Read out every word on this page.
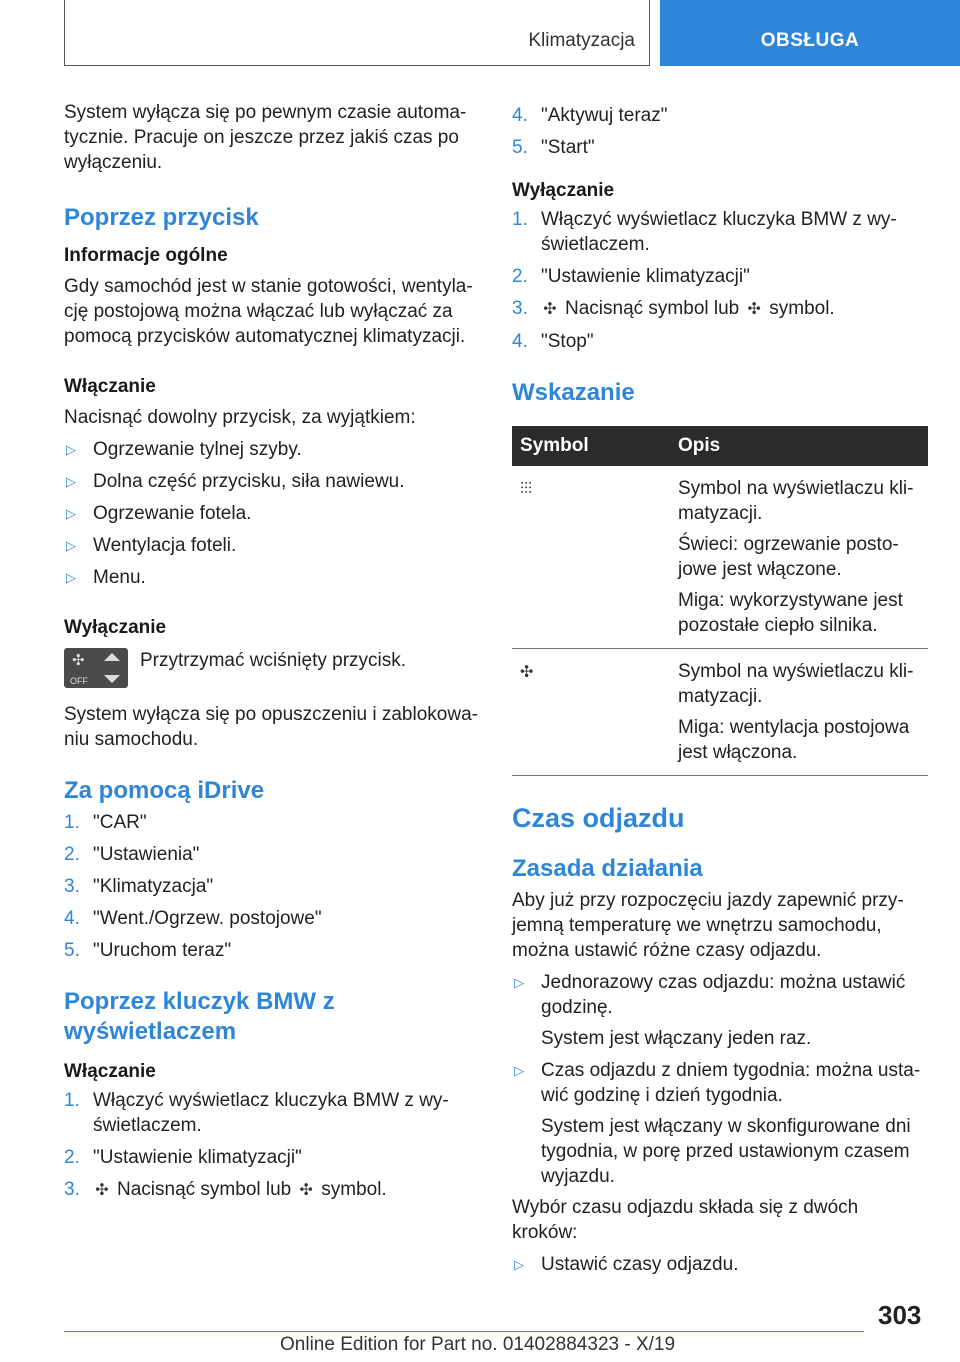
Klimatyzacja	OBSŁUGA

System wyłącza się po pewnym czasie automatycznie. Pracuje on jeszcze przez jakiś czas po wyłączeniu.

Poprzez przycisk
Informacje ogólne

Gdy samochód jest w stanie gotowości, wentylację postojową można włączać lub wyłączać za pomocą przycisków automatycznej klimatyzacji.

Włączanie

Nacisnąć dowolny przycisk, za wyjątkiem:

▷ Ogrzewanie tylnej szyby.
▷ Dolna część przycisku, siła nawiewu.
▷ Ogrzewanie fotela.
▷ Wentylacja foteli.
▷ Menu.
Wyłączanie
✣
OFF
Przytrzymać wciśnięty przycisk.

System wyłącza się po opuszczeniu i zablokowaniu samochodu.

Za pomocą iDrive
1. "CAR"
2. "Ustawienia"
3. "Klimatyzacja"
4. "Went./Ogrzew. postojowe"
5. "Uruchom teraz"
Poprzez kluczyk BMW z wyświetlaczem
Włączanie
1. Włączyć wyświetlacz kluczyka BMW z wyświetlaczem.
2. "Ustawienie klimatyzacji"
3. ✣ Nacisnąć symbol lub ✣ symbol.
4. "Aktywuj teraz"
5. "Start"
Wyłączanie
1. Włączyć wyświetlacz kluczyka BMW z wyświetlaczem.
2. "Ustawienie klimatyzacji"
3. ✣ Nacisnąć symbol lub ✣ symbol.
4. "Stop"
Wskazanie
Symbol	Opis
⫶⫶⫶	Symbol na wyświetlaczu klimatyzacji.
Świeci: ogrzewanie postojowe jest włączone.
Miga: wykorzystywane jest pozostałe ciepło silnika.

✣	Symbol na wyświetlaczu klimatyzacji.
Miga: wentylacja postojowa jest włączona.
Czas odjazdu
Zasada działania

Aby już przy rozpoczęciu jazdy zapewnić przyjemną temperaturę we wnętrzu samochodu, można ustawić różne czasy odjazdu.

▷ Jednorazowy czas odjazdu: można ustawić godzinę.
System jest włączany jeden raz.
▷ Czas odjazdu z dniem tygodnia: można ustawić godzinę i dzień tygodnia.
System jest włączany w skonfigurowane dni tygodnia, w porę przed ustawionym czasem wyjazdu.

Wybór czasu odjazdu składa się z dwóch kroków:

▷ Ustawić czasy odjazdu.
303
Online Edition for Part no. 01402884323 - X/19
